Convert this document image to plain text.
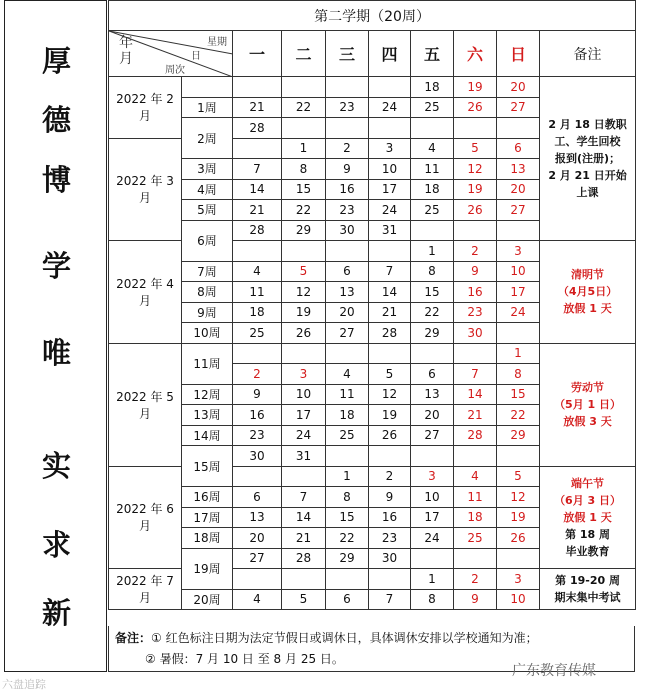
厚
德
博
学
唯
实
求
新
第二学期（20周）									

年月
星期
日
周次		一	二	三	四	五	六	日	备注
2022 年 2 月						18	19	20	2 月 18 日教职
工、学生回校
报到(注册)；
2 月 21 日开始
上课

	1周	21	22	23	24	25	26	27	
	2周	28							
2022 年 3 月			1	2	3	4	5	6	
	3周	7	8	9	10	11	12	13	
	4周	14	15	16	17	18	19	20	
	5周	21	22	23	24	25	26	27	
	6周	28	29	30	31				
2022 年 4 月						1	2	3	清明节
（4月5日）
放假 1 天

	7周	4	5	6	7	8	9	10	
	8周	11	12	13	14	15	16	17	
	9周	18	19	20	21	22	23	24	
	10周	25	26	27	28	29	30		
2022 年 5 月	11周							1	劳动节
（5月 1 日）
放假 3 天

		2	3	4	5	6	7	8	
	12周	9	10	11	12	13	14	15	
	13周	16	17	18	19	20	21	22	
	14周	23	24	25	26	27	28	29	
	15周	30	31						
2022 年 6 月				1	2	3	4	5	端午节
（6月 3 日）
放假 1 天
第 18 周
毕业教育

	16周	6	7	8	9	10	11	12	
	17周	13	14	15	16	17	18	19	
	18周	20	21	22	23	24	25	26	
	19周	27	28	29	30				
2022 年 7 月						1	2	3	第 19-20 周
期末集中考试

	20周	4	5	6	7	8	9	10	
备注：① 红色标注日期为法定节假日或调休日，具体调休安排以学校通知为准；
② 暑假：7 月 10 日 至 8 月 25 日。
六盘追踪
广东教育传媒
